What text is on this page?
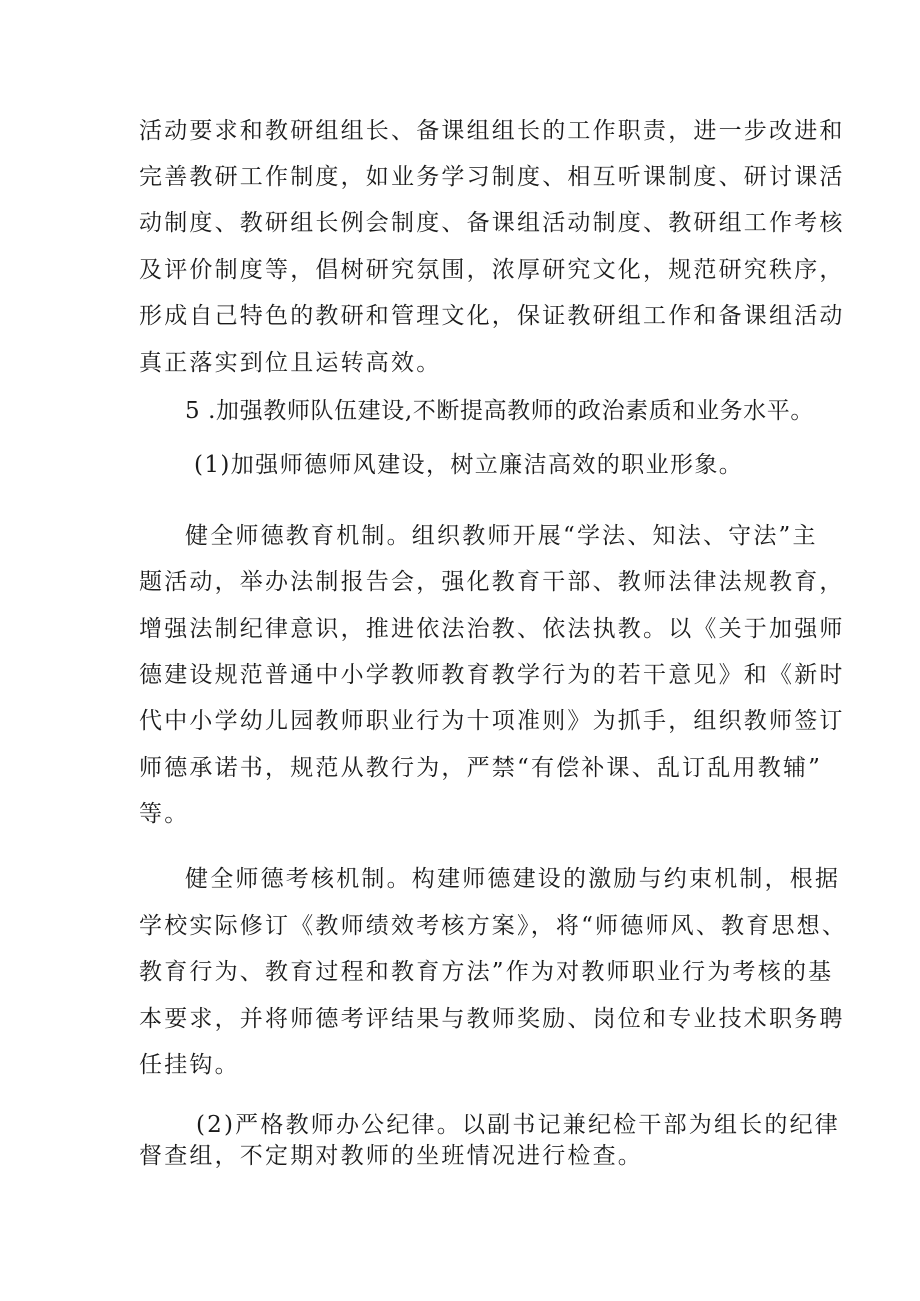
活动要求和教研组组长、备课组组长的工作职责，进一步改进和
完善教研工作制度，如业务学习制度、相互听课制度、研讨课活
动制度、教研组长例会制度、备课组活动制度、教研组工作考核
及评价制度等，倡树研究氛围，浓厚研究文化，规范研究秩序，
形成自己特色的教研和管理文化，保证教研组工作和备课组活动
真正落实到位且运转高效。
5 .加强教师队伍建设,不断提高教师的政治素质和业务水平。
(1)加强师德师风建设，树立廉洁高效的职业形象。
健全师德教育机制。组织教师开展“学法、知法、守法”主
题活动，举办法制报告会，强化教育干部、教师法律法规教育，
增强法制纪律意识，推进依法治教、依法执教。以《关于加强师
德建设规范普通中小学教师教育教学行为的若干意见》和《新时
代中小学幼儿园教师职业行为十项准则》为抓手，组织教师签订
师德承诺书，规范从教行为，严禁“有偿补课、乱订乱用教辅”
等。
健全师德考核机制。构建师德建设的激励与约束机制，根据
学校实际修订《教师绩效考核方案》，将“师德师风、教育思想、
教育行为、教育过程和教育方法”作为对教师职业行为考核的基
本要求，并将师德考评结果与教师奖励、岗位和专业技术职务聘
任挂钩。
(2)严格教师办公纪律。以副书记兼纪检干部为组长的纪律
督查组，不定期对教师的坐班情况进行检查。
